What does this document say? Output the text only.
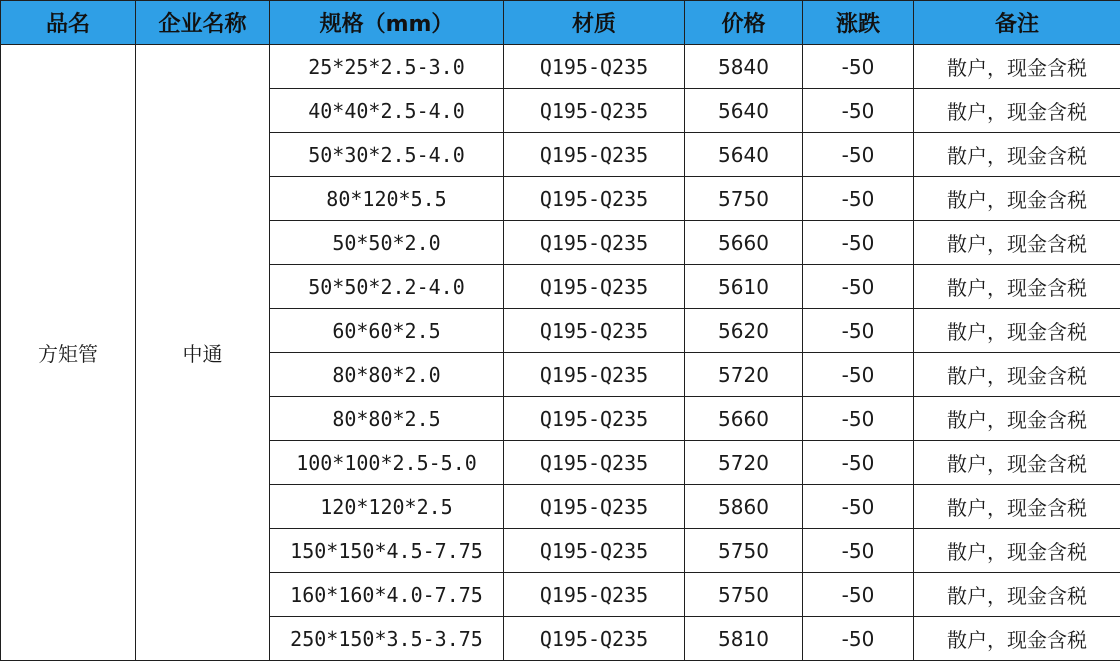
品名	企业名称	规格（mm）	材质	价格	涨跌	备注
方矩管	中通	25*25*2.5-3.0	Q195-Q235	5840	-50	散户，现金含税
		40*40*2.5-4.0	Q195-Q235	5640	-50	散户，现金含税
		50*30*2.5-4.0	Q195-Q235	5640	-50	散户，现金含税
		80*120*5.5	Q195-Q235	5750	-50	散户，现金含税
		50*50*2.0	Q195-Q235	5660	-50	散户，现金含税
		50*50*2.2-4.0	Q195-Q235	5610	-50	散户，现金含税
		60*60*2.5	Q195-Q235	5620	-50	散户，现金含税
		80*80*2.0	Q195-Q235	5720	-50	散户，现金含税
		80*80*2.5	Q195-Q235	5660	-50	散户，现金含税
		100*100*2.5-5.0	Q195-Q235	5720	-50	散户，现金含税
		120*120*2.5	Q195-Q235	5860	-50	散户，现金含税
		150*150*4.5-7.75	Q195-Q235	5750	-50	散户，现金含税
		160*160*4.0-7.75	Q195-Q235	5750	-50	散户，现金含税
		250*150*3.5-3.75	Q195-Q235	5810	-50	散户，现金含税
